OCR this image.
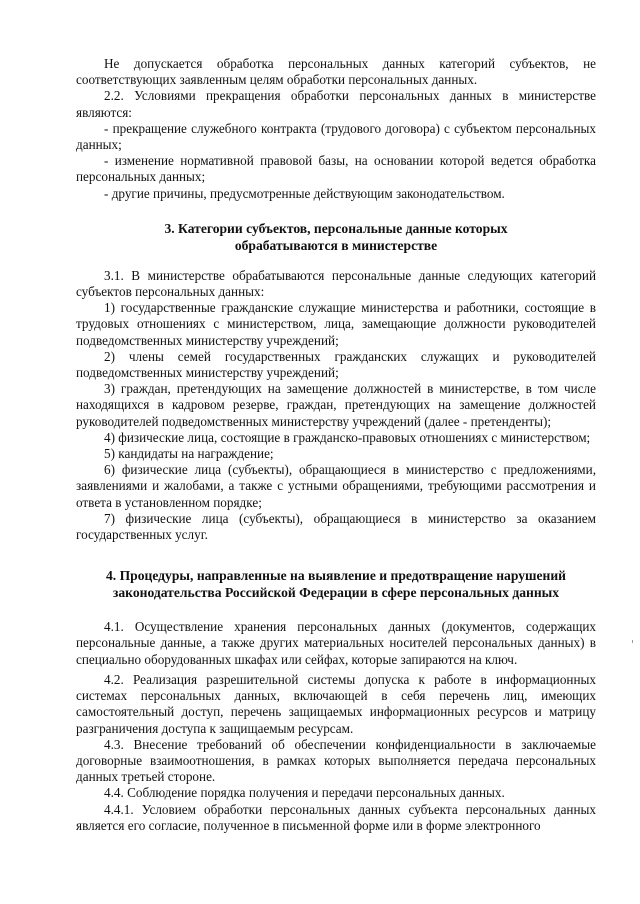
Не допускается обработка персональных данных категорий субъектов, не соответствующих заявленным целям обработки персональных данных.

2.2. Условиями прекращения обработки персональных данных в министерстве являются:

- прекращение служебного контракта (трудового договора) с субъектом персональных данных;

- изменение нормативной правовой базы, на основании которой ведется обработка персональных данных;

- другие причины, предусмотренные действующим законодательством.

3. Категории субъектов, персональные данные которых

обрабатываются в министерстве

3.1. В министерстве обрабатываются персональные данные следующих категорий субъектов персональных данных:

1) государственные гражданские служащие министерства и работники, состоящие в трудовых отношениях с министерством, лица, замещающие должности руководителей подведомственных министерству учреждений;

2) члены семей государственных гражданских служащих и руководителей подведомственных министерству учреждений;

3) граждан, претендующих на замещение должностей в министерстве, в том числе находящихся в кадровом резерве, граждан, претендующих на замещение должностей руководителей подведомственных министерству учреждений (далее - претенденты);

4) физические лица, состоящие в гражданско-правовых отношениях с министерством;

5) кандидаты на награждение;

6) физические лица (субъекты), обращающиеся в министерство с предложениями, заявлениями и жалобами, а также с устными обращениями, требующими рассмотрения и ответа в установленном порядке;

7) физические лица (субъекты), обращающиеся в министерство за оказанием государственных услуг.

4. Процедуры, направленные на выявление и предотвращение нарушений

законодательства Российской Федерации в сфере персональных данных

4.1. Осуществление хранения персональных данных (документов, содержащих персональные данные, а также других материальных носителей персональных данных) в специально оборудованных шкафах или сейфах, которые запираются на ключ.

4.2. Реализация разрешительной системы допуска к работе в информационных системах персональных данных, включающей в себя перечень лиц, имеющих самостоятельный доступ, перечень защищаемых информационных ресурсов и матрицу разграничения доступа к защищаемым ресурсам.

4.3. Внесение требований об обеспечении конфиденциальности в заключаемые договорные взаимоотношения, в рамках которых выполняется передача персональных данных третьей стороне.

4.4. Соблюдение порядка получения и передачи персональных данных.

4.4.1. Условием обработки персональных данных субъекта персональных данных является его согласие, полученное в письменной форме или в форме электронного
